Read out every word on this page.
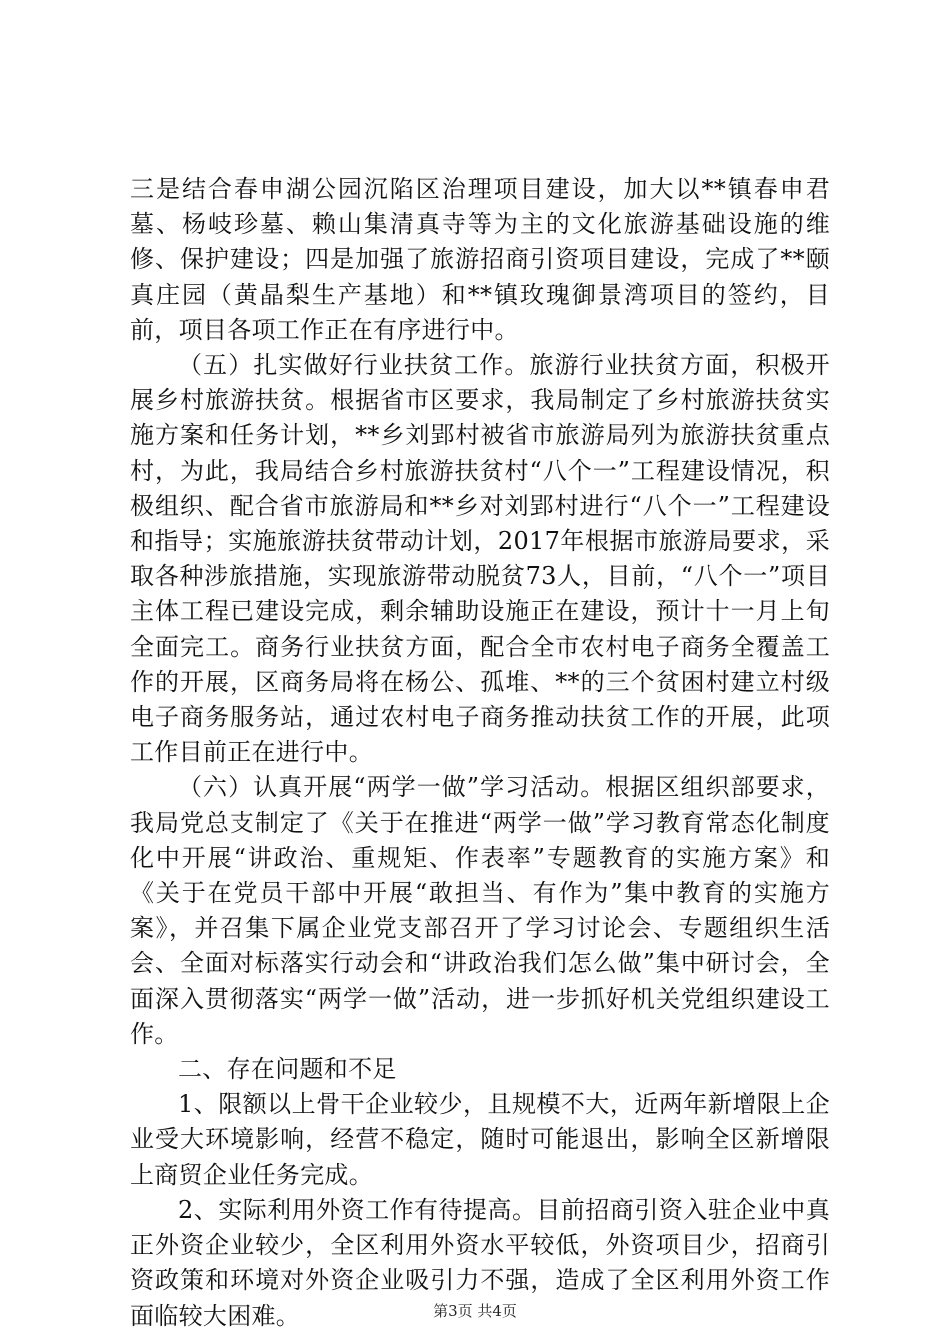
三是结合春申湖公园沉陷区治理项目建设，加大以**镇春申君墓、杨岐珍墓、赖山集清真寺等为主的文化旅游基础设施的维修、保护建设；四是加强了旅游招商引资项目建设，完成了**颐真庄园（黄晶梨生产基地）和**镇玫瑰御景湾项目的签约，目前，项目各项工作正在有序进行中。

（五）扎实做好行业扶贫工作。旅游行业扶贫方面，积极开展乡村旅游扶贫。根据省市区要求，我局制定了乡村旅游扶贫实施方案和任务计划，**乡刘郢村被省市旅游局列为旅游扶贫重点村，为此，我局结合乡村旅游扶贫村“八个一”工程建设情况，积极组织、配合省市旅游局和**乡对刘郢村进行“八个一”工程建设和指导；实施旅游扶贫带动计划，2017年根据市旅游局要求，采取各种涉旅措施，实现旅游带动脱贫73人，目前，“八个一”项目主体工程已建设完成，剩余辅助设施正在建设，预计十一月上旬全面完工。商务行业扶贫方面，配合全市农村电子商务全覆盖工作的开展，区商务局将在杨公、孤堆、**的三个贫困村建立村级电子商务服务站，通过农村电子商务推动扶贫工作的开展，此项工作目前正在进行中。

（六）认真开展“两学一做”学习活动。根据区组织部要求，我局党总支制定了《关于在推进“两学一做”学习教育常态化制度化中开展“讲政治、重规矩、作表率”专题教育的实施方案》和《关于在党员干部中开展“敢担当、有作为”集中教育的实施方案》，并召集下属企业党支部召开了学习讨论会、专题组织生活会、全面对标落实行动会和“讲政治我们怎么做”集中研讨会，全面深入贯彻落实“两学一做”活动，进一步抓好机关党组织建设工作。

二、存在问题和不足

1、限额以上骨干企业较少，且规模不大，近两年新增限上企业受大环境影响，经营不稳定，随时可能退出，影响全区新增限上商贸企业任务完成。

2、实际利用外资工作有待提高。目前招商引资入驻企业中真正外资企业较少，全区利用外资水平较低，外资项目少，招商引资政策和环境对外资企业吸引力不强，造成了全区利用外资工作面临较大困难。	第3页 共4页
